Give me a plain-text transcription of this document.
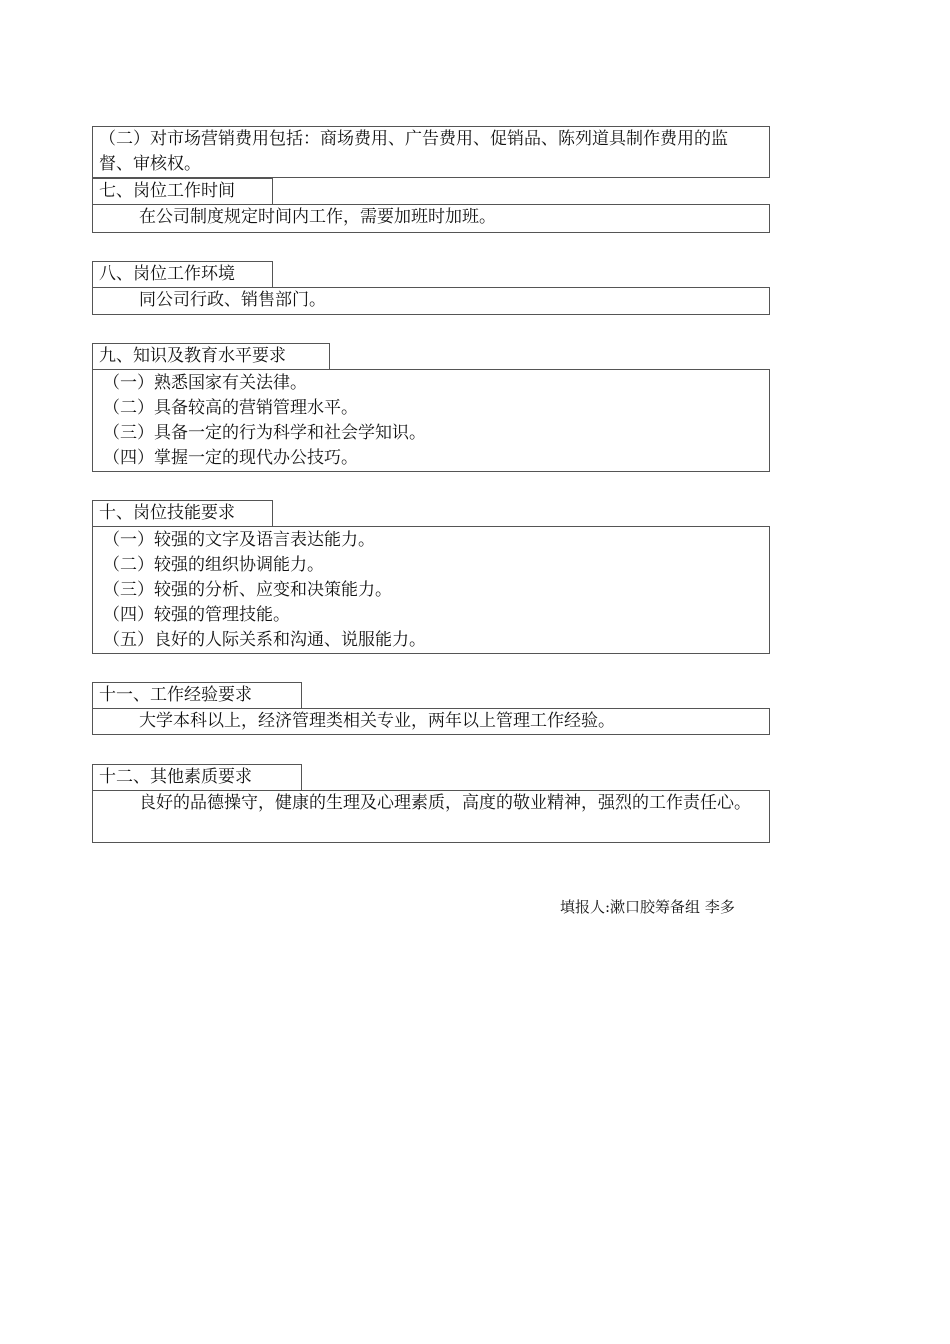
（二）对市场营销费用包括：商场费用、广告费用、促销品、陈列道具制作费用的监督、审核权。
七、岗位工作时间
在公司制度规定时间内工作，需要加班时加班。
八、岗位工作环境
同公司行政、销售部门。
九、知识及教育水平要求
（一）熟悉国家有关法律。
（二）具备较高的营销管理水平。
（三）具备一定的行为科学和社会学知识。
（四）掌握一定的现代办公技巧。
十、岗位技能要求
（一）较强的文字及语言表达能力。
（二）较强的组织协调能力。
（三）较强的分析、应变和决策能力。
（四）较强的管理技能。
（五）良好的人际关系和沟通、说服能力。
十一、工作经验要求
大学本科以上，经济管理类相关专业，两年以上管理工作经验。
十二、其他素质要求
良好的品德操守，健康的生理及心理素质，高度的敬业精神，强烈的工作责任心。
填报人:漱口胶筹备组 李多
